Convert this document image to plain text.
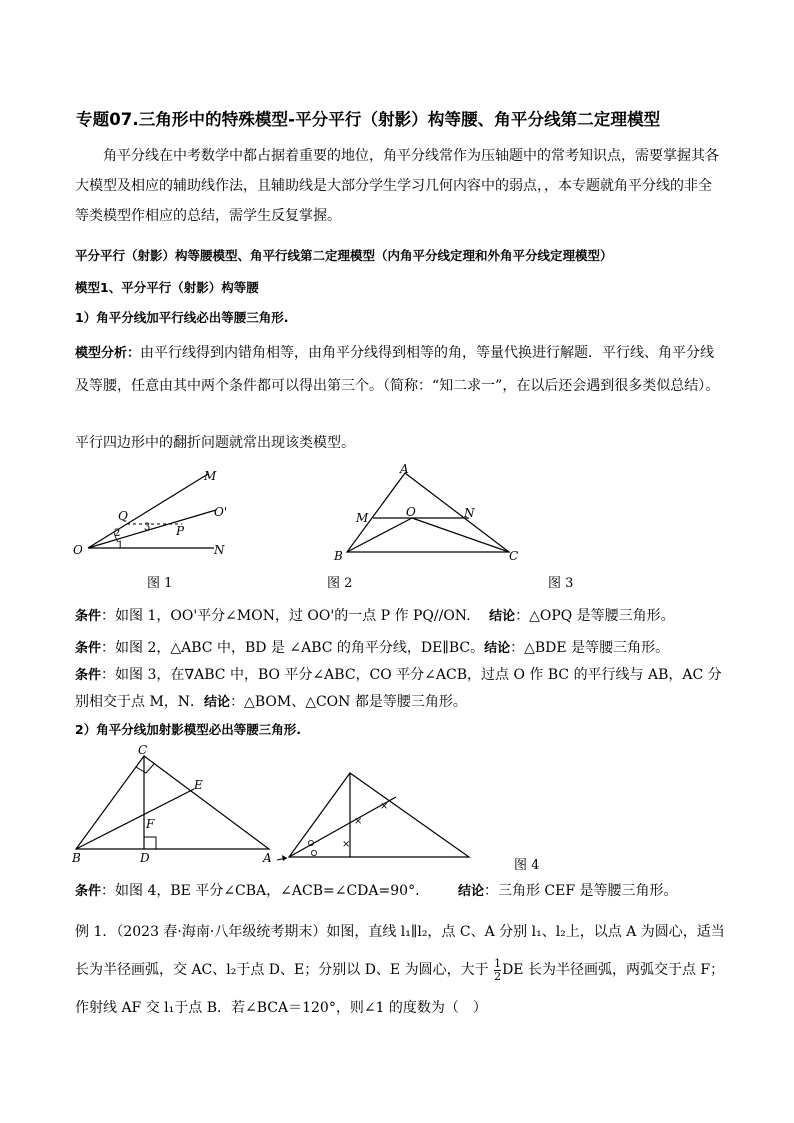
专题07.三角形中的特殊模型-平分平行（射影）构等腰、角平分线第二定理模型
角平分线在中考数学中都占据着重要的地位，角平分线常作为压轴题中的常考知识点，需要掌握其各大模型及相应的辅助线作法，且辅助线是大部分学生学习几何内容中的弱点，，本专题就角平分线的非全等类模型作相应的总结，需学生反复掌握。
平分平行（射影）构等腰模型、角平行线第二定理模型（内角平分线定理和外角平分线定理模型）
模型1、平分平行（射影）构等腰
1）角平分线加平行线必出等腰三角形.
模型分析：由平行线得到内错角相等，由角平分线得到相等的角，等量代换进行解题．平行线、角平分线及等腰，任意由其中两个条件都可以得出第三个。（简称：“知二求一”，在以后还会遇到很多类似总结）。
平行四边形中的翻折问题就常出现该类模型。
M
Q	O'
P
O	N
1
2
3
A
M	O	N
B	C
图 1	图 2	图 3
条件：如图 1，OO'平分∠MON，过 OO'的一点 P 作 PQ//ON. 结论：△OPQ 是等腰三角形。
条件：如图 2，△ABC 中，BD 是 ∠ABC 的角平分线，DE∥BC。结论：△BDE 是等腰三角形。
条件：如图 3，在∇ABC 中，BO 平分∠ABC，CO 平分∠ACB，过点 O 作 BC 的平行线与 AB，AC 分别相交于点 M，N．结论：△BOM、△CON 都是等腰三角形。
2）角平分线加射影模型必出等腰三角形.
C
E
F
B	D	A
×
×
×
图 4
条件：如图 4，BE 平分∠CBA，∠ACB=∠CDA=90°.	结论：三角形 CEF 是等腰三角形。
例 1．（2023 春·海南·八年级统考期末）如图，直线 l₁∥l₂，点 C、A 分别 l₁、l₂上，以点 A 为圆心，适当长为半径画弧，交 AC、l₂于点 D、E；分别以 D、E 为圆心，大于 $\frac{1}{2}$ DE 长为半径画弧，两弧交于点 F；作射线 AF 交 l₁于点 B．若∠BCA＝120°，则∠1 的度数为（　）
